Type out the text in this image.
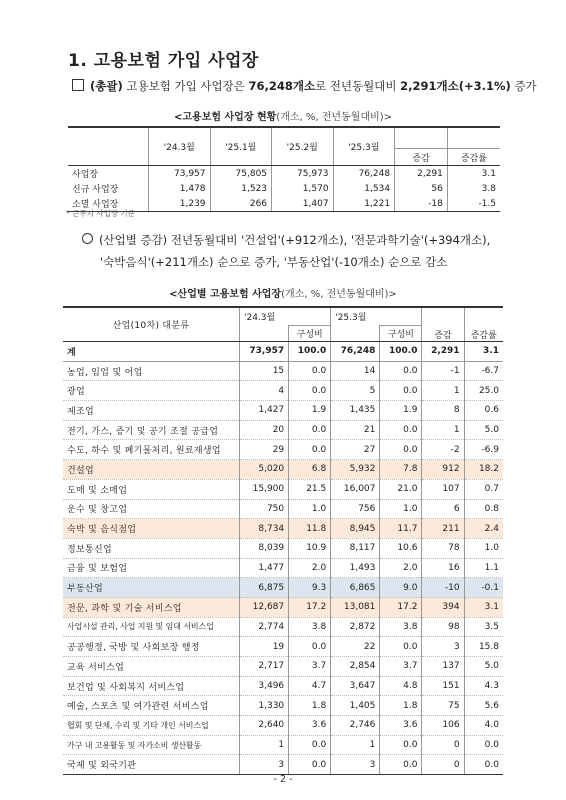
1. 고용보험 가입 사업장
(총괄) 고용보험 가입 사업장은 76,248개소로 전년동월대비 2,291개소(+3.1%) 증가
<고용보험 사업장 현황(개소, %, 전년동월대비)>
	'24.3월	'25.1월	'25.2월	'25.3월		
					증감	증감률
사업장	73,957	75,805	75,973	76,248	2,291	3.1
신규 사업장	1,478	1,523	1,570	1,534	56	3.8
소멸 사업장	1,239	266	1,407	1,221	-18	-1.5
* 근무지 사업장 기준
(산업별 증감) 전년동월대비 '건설업'(+912개소), '전문과학기술'(+394개소),
'숙박음식'(+211개소) 순으로 증가, '부동산업'(-10개소) 순으로 감소
<산업별 고용보험 사업장(개소, %, 전년동월대비)>
산업(10차) 대분류	'24.3월		'25.3월		증감	증감률
		구성비		구성비		
계	73,957	100.0	76,248	100.0	2,291	3.1
농업, 임업 및 어업	15	0.0	14	0.0	-1	-6.7
광업	4	0.0	5	0.0	1	25.0
제조업	1,427	1.9	1,435	1.9	8	0.6
전기, 가스, 증기 및 공기 조절 공급업	20	0.0	21	0.0	1	5.0
수도, 하수 및 폐기물처리, 원료재생업	29	0.0	27	0.0	-2	-6.9
건설업	5,020	6.8	5,932	7.8	912	18.2
도매 및 소매업	15,900	21.5	16,007	21.0	107	0.7
운수 및 창고업	750	1.0	756	1.0	6	0.8
숙박 및 음식점업	8,734	11.8	8,945	11.7	211	2.4
정보통신업	8,039	10.9	8,117	10.6	78	1.0
금융 및 보험업	1,477	2.0	1,493	2.0	16	1.1
부동산업	6,875	9.3	6,865	9.0	-10	-0.1
전문, 과학 및 기술 서비스업	12,687	17.2	13,081	17.2	394	3.1
사업시설 관리, 사업 지원 및 임대 서비스업	2,774	3.8	2,872	3.8	98	3.5
공공행정, 국방 및 사회보장 행정	19	0.0	22	0.0	3	15.8
교육 서비스업	2,717	3.7	2,854	3.7	137	5.0
보건업 및 사회복지 서비스업	3,496	4.7	3,647	4.8	151	4.3
예술, 스포츠 및 여가관련 서비스업	1,330	1.8	1,405	1.8	75	5.6
협회 및 단체, 수리 및 기타 개인 서비스업	2,640	3.6	2,746	3.6	106	4.0
가구 내 고용활동 및 자가소비 생산활동	1	0.0	1	0.0	0	0.0
국제 및 외국기관	3	0.0	3	0.0	0	0.0
- 2 -
